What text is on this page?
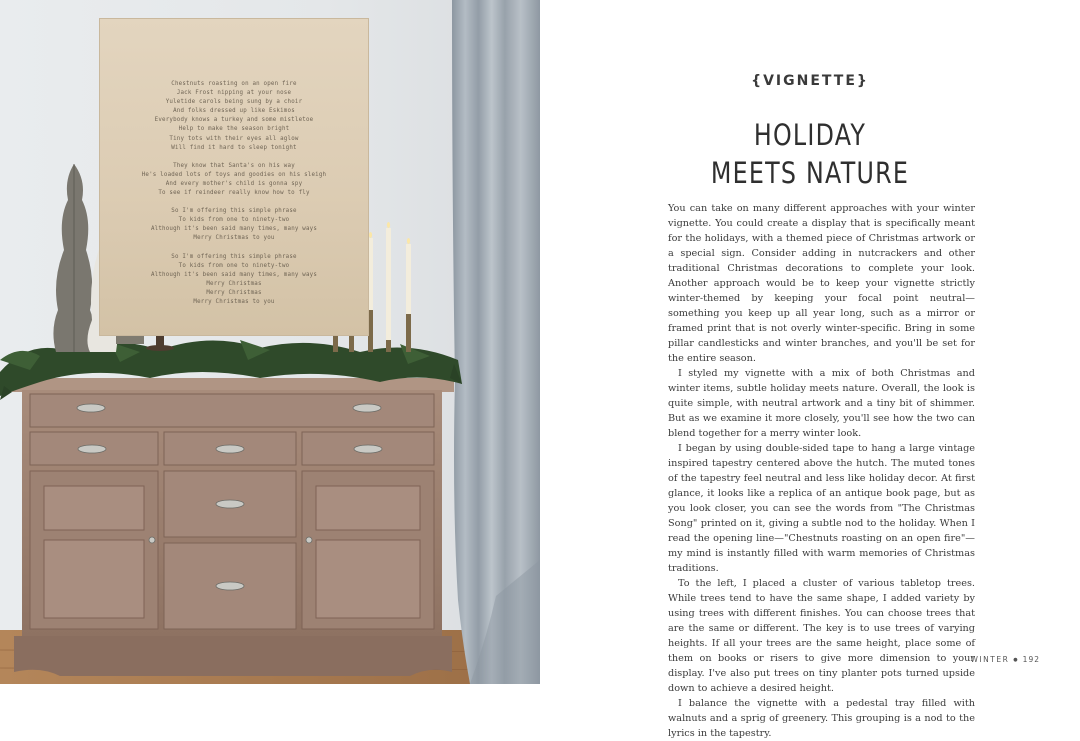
Chestnuts roasting on an open fire
Jack Frost nipping at your nose
Yuletide carols being sung by a choir
And folks dressed up like Eskimos
Everybody knows a turkey and some mistletoe
Help to make the season bright
Tiny tots with their eyes all aglow
Will find it hard to sleep tonight
They know that Santa's on his way
He's loaded lots of toys and goodies on his sleigh
And every mother's child is gonna spy
To see if reindeer really know how to fly
So I'm offering this simple phrase
To kids from one to ninety-two
Although it's been said many times, many ways
Merry Christmas to you
So I'm offering this simple phrase
To kids from one to ninety-two
Although it's been said many times, many ways
Merry Christmas
Merry Christmas
Merry Christmas to you
{VIGNETTE}
HOLIDAY
MEETS NATURE

You can take on many different approaches with your winter vignette. You could create a display that is specifically meant for the holidays, with a themed piece of Christmas artwork or a special sign. Consider adding in nutcrackers and other traditional Christmas decorations to complete your look. Another approach would be to keep your vignette strictly winter-themed by keeping your focal point neutral—something you keep up all year long, such as a mirror or framed print that is not overly winter-specific. Bring in some pillar candlesticks and winter branches, and you'll be set for the entire season.

I styled my vignette with a mix of both Christmas and winter items, subtle holiday meets nature. Overall, the look is quite simple, with neutral artwork and a tiny bit of shimmer. But as we examine it more closely, you'll see how the two can blend together for a merry winter look.

I began by using double-sided tape to hang a large vintage inspired tapestry centered above the hutch. The muted tones of the tapestry feel neutral and less like holiday decor. At first glance, it looks like a replica of an antique book page, but as you look closer, you can see the words from "The Christmas Song" printed on it, giving a subtle nod to the holiday. When I read the opening line—"Chestnuts roasting on an open fire"—my mind is instantly filled with warm memories of Christmas traditions.

To the left, I placed a cluster of various tabletop trees. While trees tend to have the same shape, I added variety by using trees with different finishes. You can choose trees that are the same or different. The key is to use trees of varying heights. If all your trees are the same height, place some of them on books or risers to give more dimension to your display. I've also put trees on tiny planter pots turned upside down to achieve a desired height.

I balance the vignette with a pedestal tray filled with walnuts and a sprig of greenery. This grouping is a nod to the lyrics in the tapestry.

WINTER ● 192
